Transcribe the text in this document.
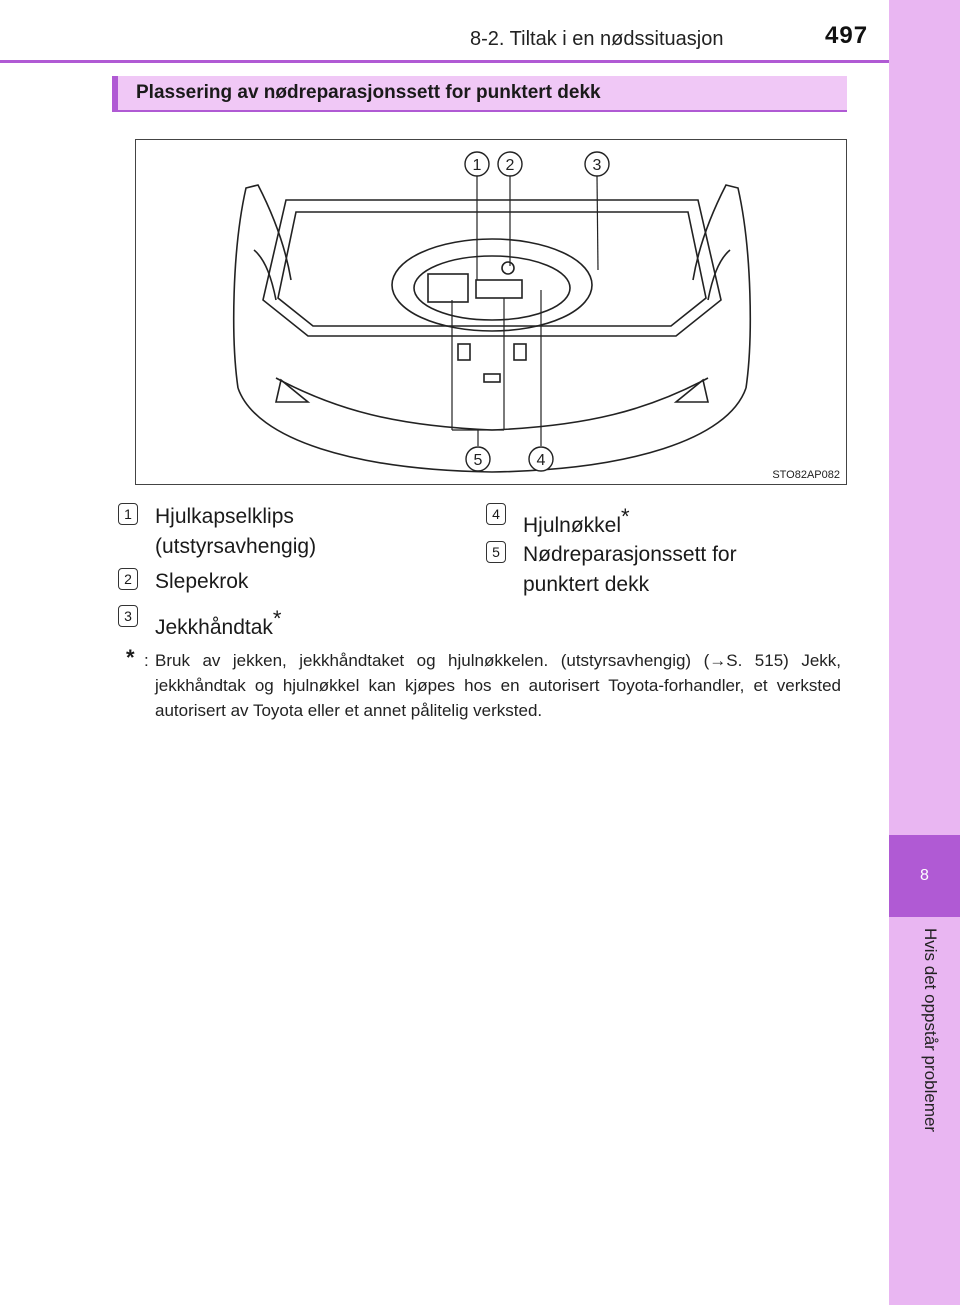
8
Hvis det oppstår problemer
8-2. Tiltak i en nødssituasjon	497
Plassering av nødreparasjonssett for punktert dekk
1 2	3
5	4
STO82AP082
1 Hjulkapselklips
(utstyrsavhengig)
2 Slepekrok
3 Jekkhåndtak*
4 Hjulnøkkel*
5 Nødreparasjonssett for
punktert dekk
* : Bruk av jekken, jekkhåndtaket og hjulnøkkelen. (utstyrsavhengig) (→S. 515) Jekk, jekkhåndtak og hjulnøkkel kan kjøpes hos en autorisert Toyota-forhandler, et verksted autorisert av Toyota eller et annet pålitelig verksted.
